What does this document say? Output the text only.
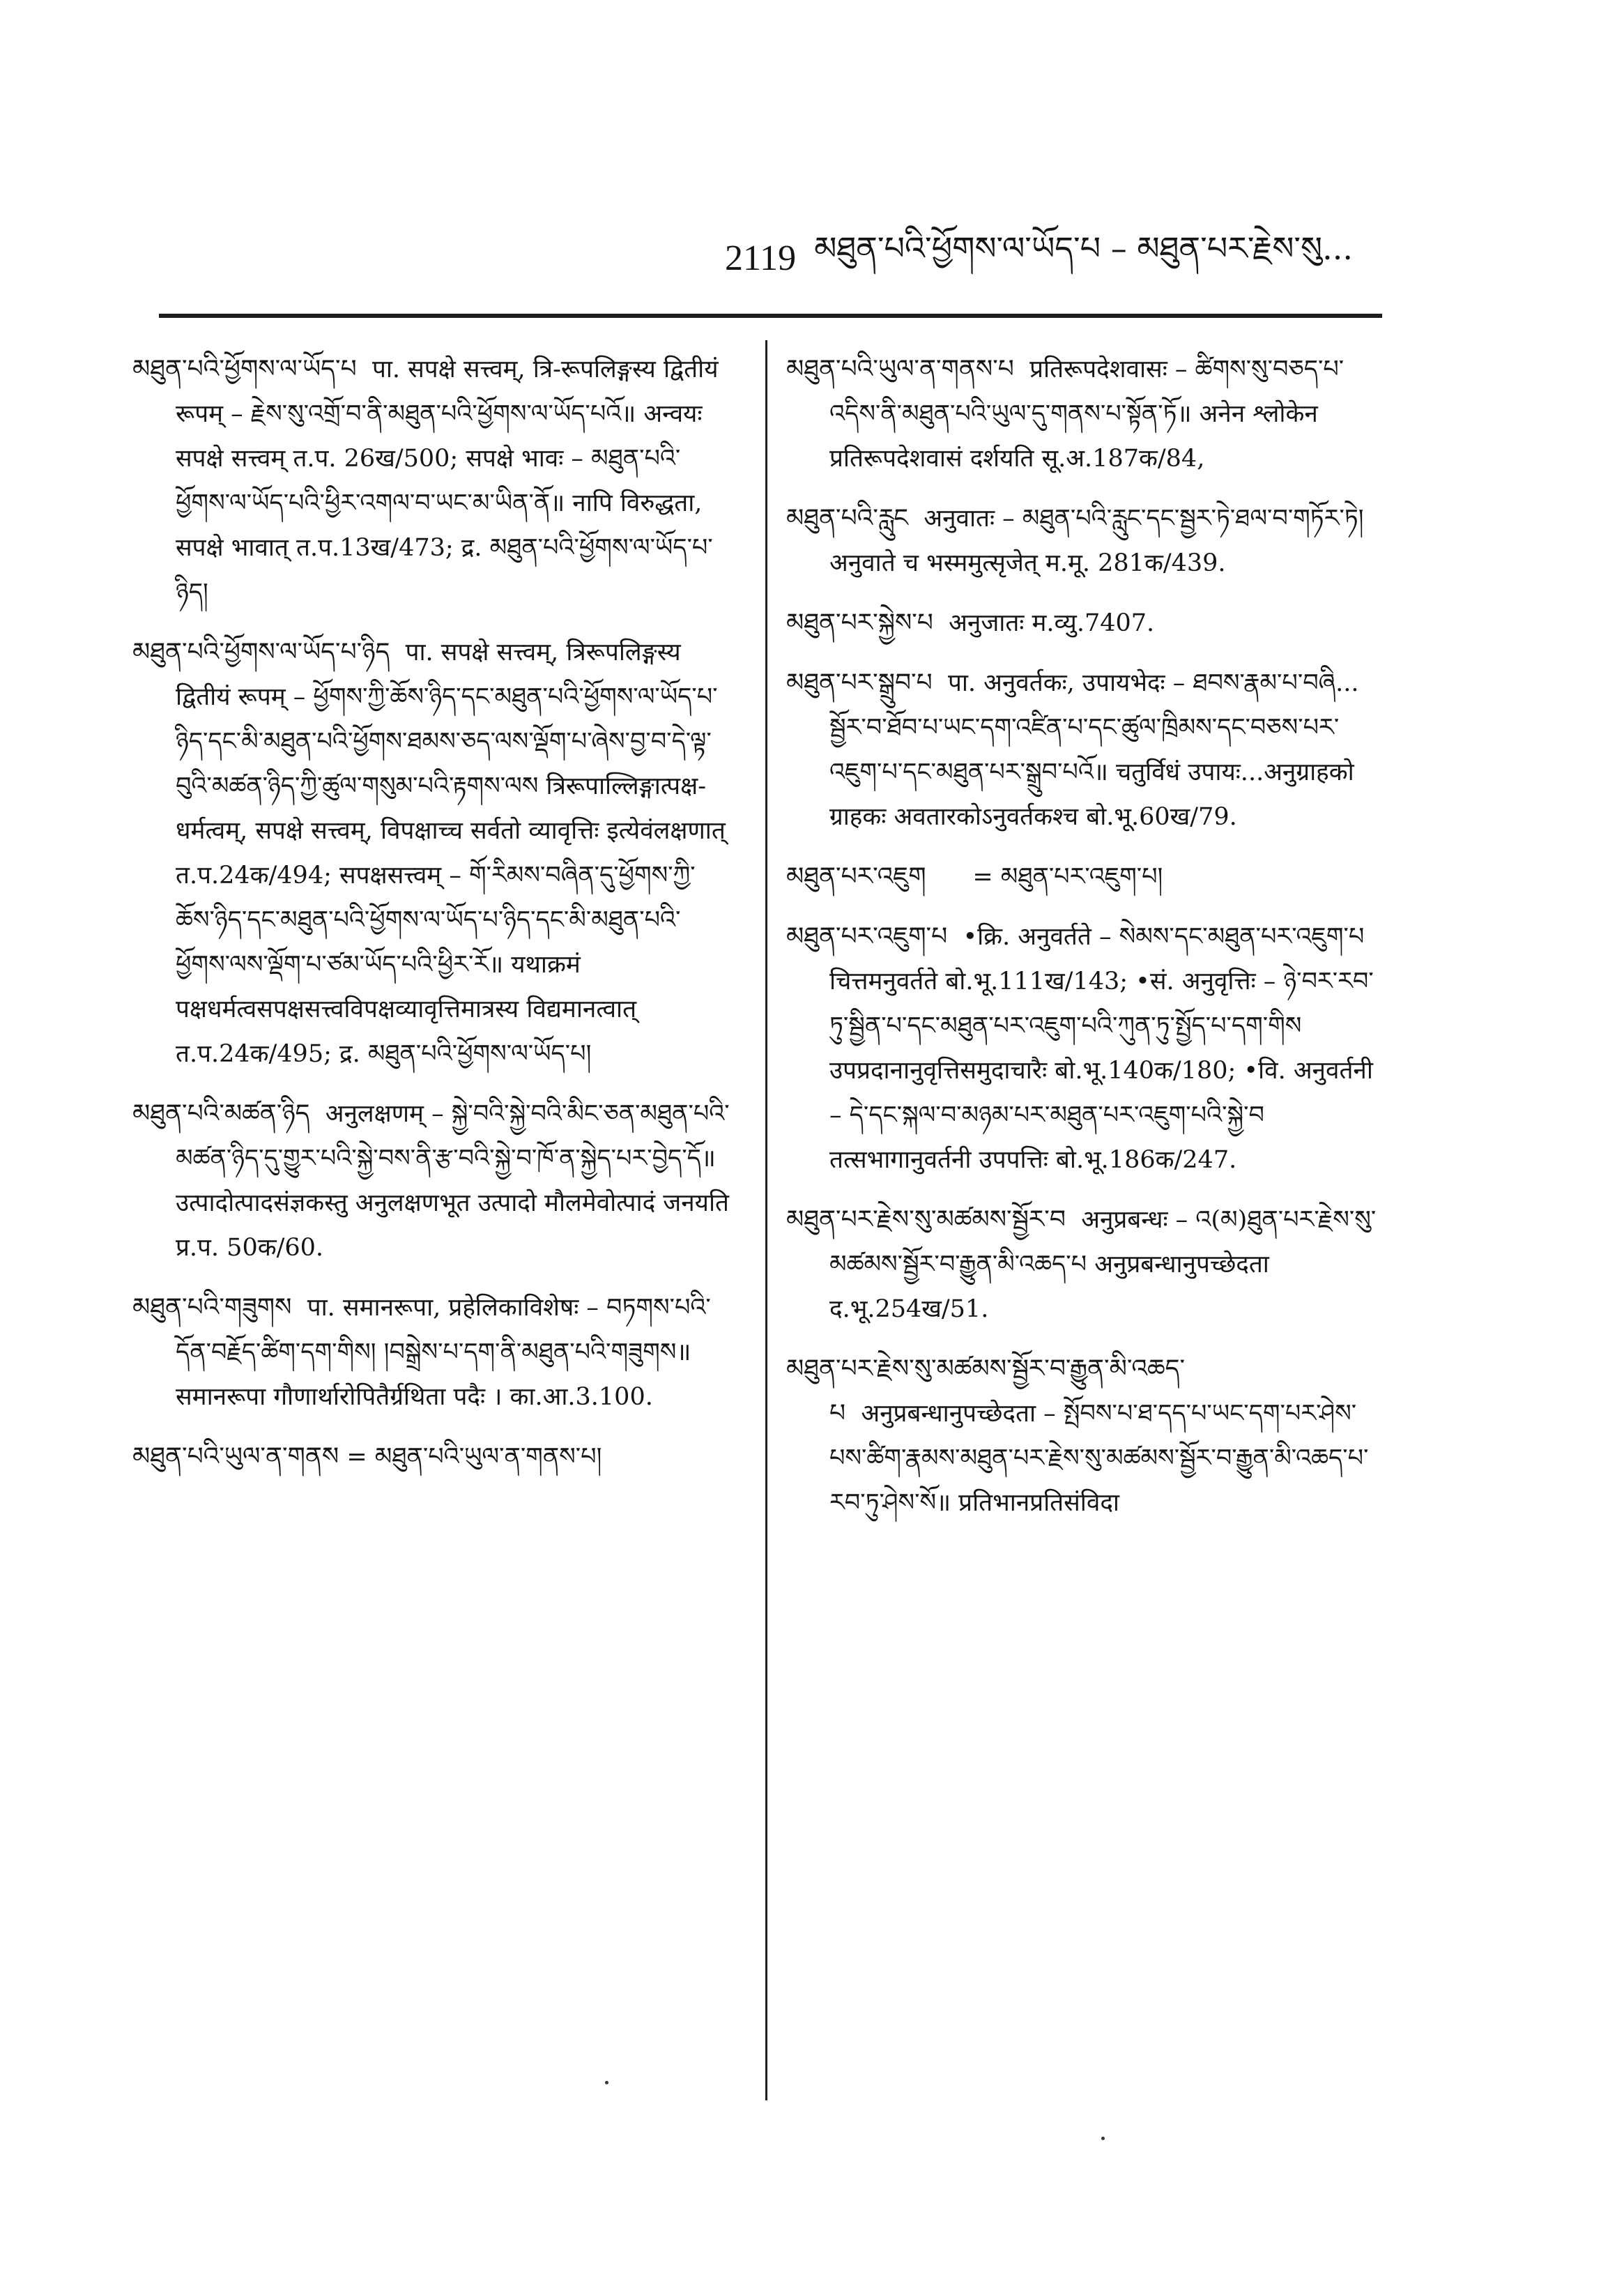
2119 མཐུན་པའི་ཕྱོགས་ལ་ཡོད་པ – མཐུན་པར་རྗེས་སུ...

མཐུན་པའི་ཕྱོགས་ལ་ཡོད་པ पा. सपक्षे सत्त्वम्, त्रि-रूपलिङ्गस्य द्वितीयं रूपम् – རྗེས་སུ་འགྲོ་བ་ནི་མཐུན་པའི་ཕྱོགས་ལ་ཡོད་པའོ॥ अन्वयः सपक्षे सत्त्वम् त.प. 26ख/500; सपक्षे भावः – མཐུན་པའི་ཕྱོགས་ལ་ཡོད་པའི་ཕྱིར་འགལ་བ་ཡང་མ་ཡིན་ནོ॥ नापि विरुद्धता, सपक्षे भावात् त.प.13ख/473; द्र. མཐུན་པའི་ཕྱོགས་ལ་ཡོད་པ་ཉིད།

མཐུན་པའི་ཕྱོགས་ལ་ཡོད་པ་ཉིད पा. सपक्षे सत्त्वम्, त्रिरूपलिङ्गस्य द्वितीयं रूपम् – ཕྱོགས་ཀྱི་ཆོས་ཉིད་དང་མཐུན་པའི་ཕྱོགས་ལ་ཡོད་པ་ཉིད་དང་མི་མཐུན་པའི་ཕྱོགས་ཐམས་ཅད་ལས་ལྡོག་པ་ཞེས་བྱ་བ་དེ་ལྟ་བུའི་མཚན་ཉིད་ཀྱི་ཚུལ་གསུམ་པའི་རྟགས་ལས त्रिरूपाल्लिङ्गात्पक्ष-धर्मत्वम्, सपक्षे सत्त्वम्, विपक्षाच्च सर्वतो व्यावृत्तिः इत्येवंलक्षणात् त.प.24क/494; सपक्षसत्त्वम् – གོ་རིམས་བཞིན་དུ་ཕྱོགས་ཀྱི་ཆོས་ཉིད་དང་མཐུན་པའི་ཕྱོགས་ལ་ཡོད་པ་ཉིད་དང་མི་མཐུན་པའི་ཕྱོགས་ལས་ལྡོག་པ་ཙམ་ཡོད་པའི་ཕྱིར་རོ॥ यथाक्रमं पक्षधर्मत्वसपक्षसत्त्वविपक्षव्यावृत्तिमात्रस्य विद्यमानत्वात् त.प.24क/495; द्र. མཐུན་པའི་ཕྱོགས་ལ་ཡོད་པ།

མཐུན་པའི་མཚན་ཉིད अनुलक्षणम् – སྐྱེ་བའི་སྐྱེ་བའི་མིང་ཅན་མཐུན་པའི་མཚན་ཉིད་དུ་གྱུར་པའི་སྐྱེ་བས་ནི་རྩ་བའི་སྐྱེ་བ་ཁོ་ན་སྐྱེད་པར་བྱེད་དོ॥ उत्पादोत्पादसंज्ञकस्तु अनुलक्षणभूत उत्पादो मौलमेवोत्पादं जनयति प्र.प. 50क/60.

མཐུན་པའི་གཟུགས पा. समानरूपा, प्रहेलिकाविशेषः – བཏགས་པའི་དོན་བརྗོད་ཚིག་དག་གིས། །བསྒྲེས་པ་དག་ནི་མཐུན་པའི་གཟུགས॥ समानरूपा गौणार्थारोपितैर्ग्रथिता पदैः । का.आ.3.100.

མཐུན་པའི་ཡུལ་ན་གནས = མཐུན་པའི་ཡུལ་ན་གནས་པ།

མཐུན་པའི་ཡུལ་ན་གནས་པ प्रतिरूपदेशवासः – ཚིགས་སུ་བཅད་པ་འདིས་ནི་མཐུན་པའི་ཡུལ་དུ་གནས་པ་སྟོན་ཏོ॥ अनेन श्लोकेन प्रतिरूपदेशवासं दर्शयति सू.अ.187क/84,

མཐུན་པའི་རླུང अनुवातः – མཐུན་པའི་རླུང་དང་སྦྱར་ཏེ་ཐལ་བ་གཏོར་ཏེ། अनुवाते च भस्ममुत्सृजेत् म.मू. 281क/439.

མཐུན་པར་སྐྱེས་པ अनुजातः म.व्यु.7407.

མཐུན་པར་སྒྲུབ་པ पा. अनुवर्तकः, उपायभेदः – ཐབས་རྣམ་པ་བཞི... སྦྱོར་བ་ཐོབ་པ་ཡང་དག་འཛིན་པ་དང་ཚུལ་ཁྲིམས་དང་བཅས་པར་འཇུག་པ་དང་མཐུན་པར་སྒྲུབ་པའོ॥ चतुर्विधं उपायः...अनुग्राहको ग्राहकः अवतारकोऽनुवर्तकश्च बो.भू.60ख/79.

མཐུན་པར་འཇུག = མཐུན་པར་འཇུག་པ།

མཐུན་པར་འཇུག་པ •क्रि. अनुवर्तते – སེམས་དང་མཐུན་པར་འཇུག་པ चित्तमनुवर्तते बो.भू.111ख/143; •सं. अनुवृत्तिः – ཉེ་བར་རབ་ཏུ་སྦྱིན་པ་དང་མཐུན་པར་འཇུག་པའི་ཀུན་ཏུ་སྤྱོད་པ་དག་གིས उपप्रदानानुवृत्तिसमुदाचारैः बो.भू.140क/180; •वि. अनुवर्तनी – དེ་དང་སྐལ་བ་མཉམ་པར་མཐུན་པར་འཇུག་པའི་སྐྱེ་བ तत्सभागानुवर्तनी उपपत्तिः बो.भू.186क/247.

མཐུན་པར་རྗེས་སུ་མཚམས་སྦྱོར་བ अनुप्रबन्धः – འ(མ)ཐུན་པར་རྗེས་སུ་མཚམས་སྦྱོར་བ་རྒྱུན་མི་འཆད་པ अनुप्रबन्धानुपच्छेदता द.भू.254ख/51.

མཐུན་པར་རྗེས་སུ་མཚམས་སྦྱོར་བ་རྒྱུན་མི་འཆད་པ अनुप्रबन्धानुपच्छेदता – སྤོབས་པ་ཐ་དད་པ་ཡང་དག་པར་ཤེས་པས་ཚིག་རྣམས་མཐུན་པར་རྗེས་སུ་མཚམས་སྦྱོར་བ་རྒྱུན་མི་འཆད་པ་རབ་ཏུ་ཤེས་སོ॥ प्रतिभानप्रतिसंविदा
